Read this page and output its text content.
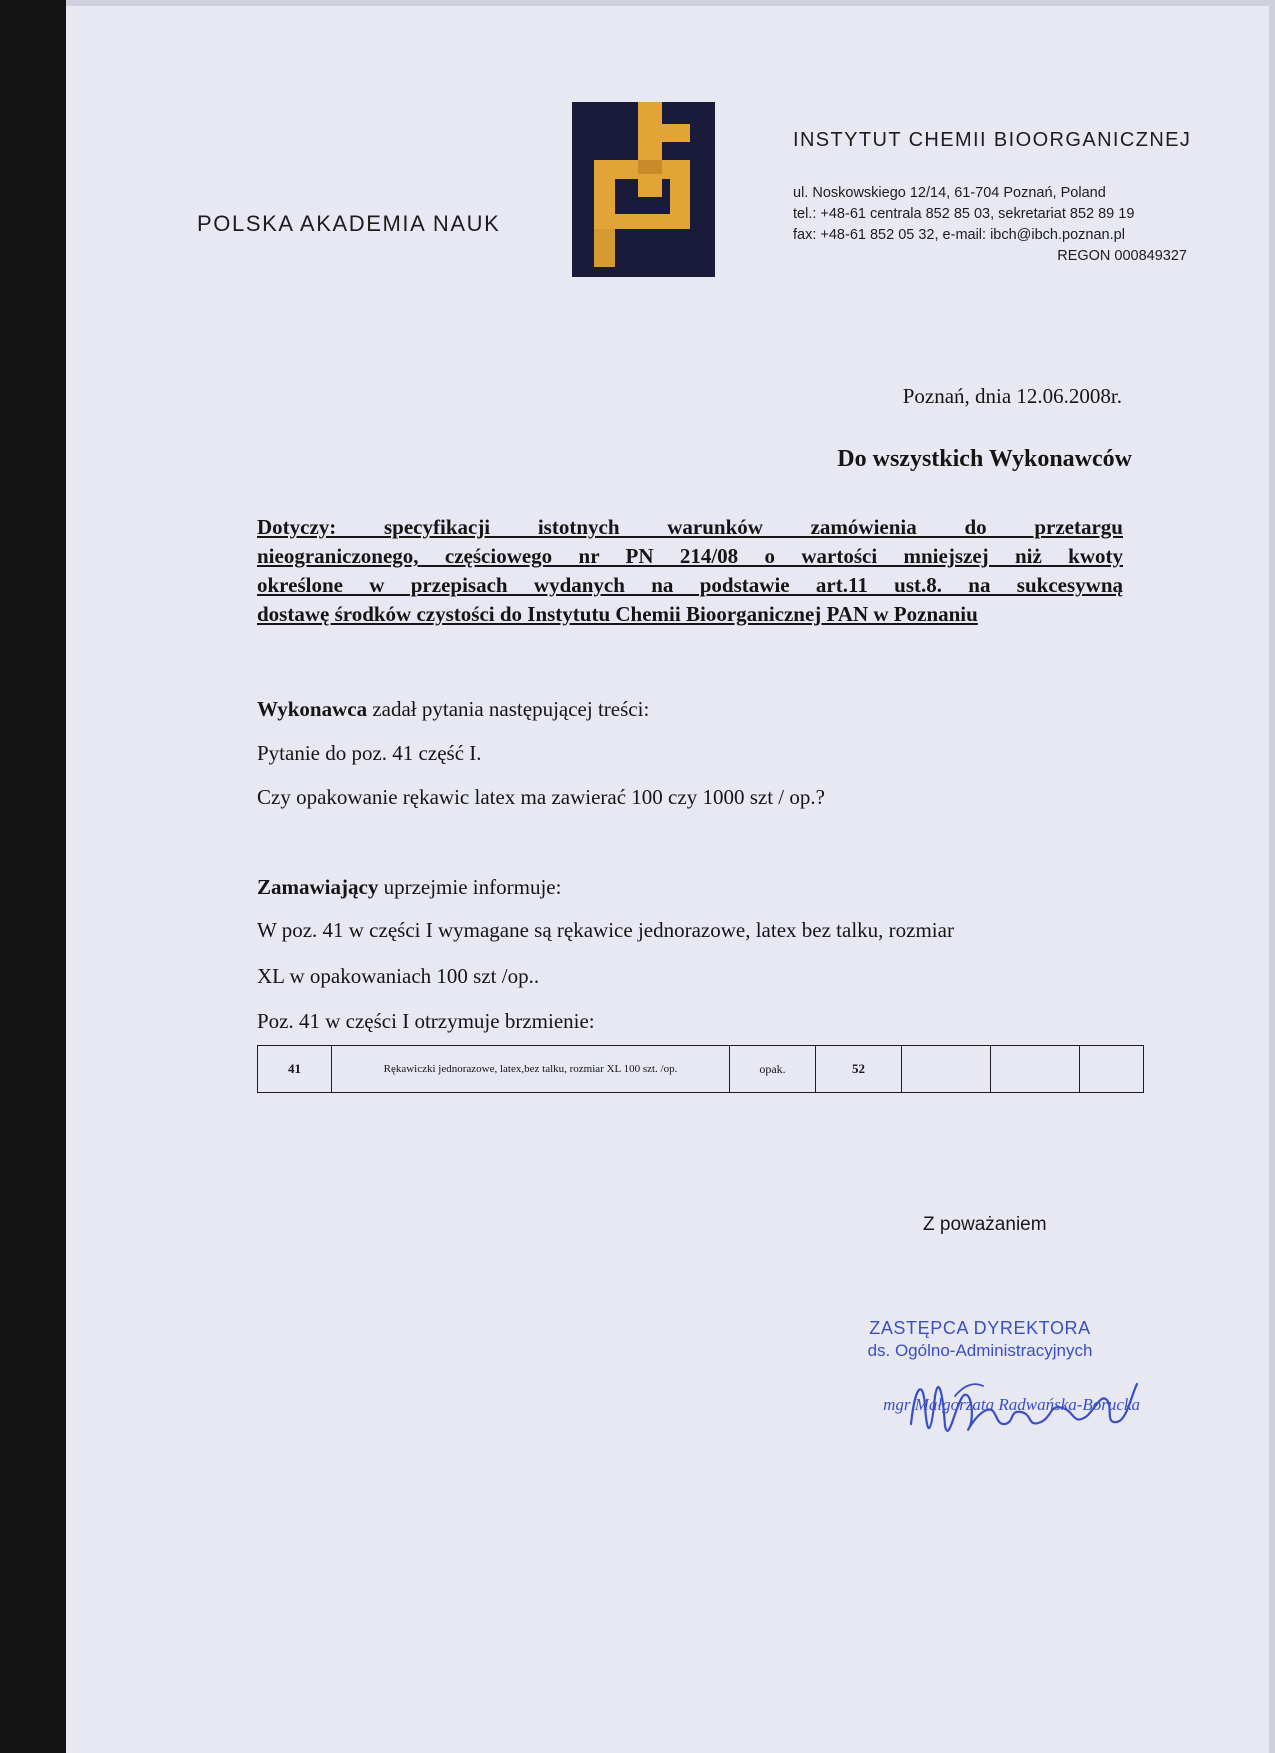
POLSKA AKADEMIA NAUK
INSTYTUT CHEMII BIOORGANICZNEJ
ul. Noskowskiego 12/14, 61-704 Poznań, Poland
tel.: +48-61 centrala 852 85 03, sekretariat 852 89 19
fax: +48-61 852 05 32, e-mail: ibch@ibch.poznan.pl
REGON 000849327
Poznań, dnia 12.06.2008r.
Do wszystkich Wykonawców
Dotyczy: specyfikacji istotnych warunków zamówienia do przetargu
nieograniczonego, częściowego nr PN 214/08 o wartości mniejszej niż kwoty
określone w przepisach wydanych na podstawie art.11 ust.8. na sukcesywną
dostawę środków czystości do Instytutu Chemii Bioorganicznej PAN w Poznaniu
Wykonawca zadał pytania następującej treści:
Pytanie do poz. 41 część I.
Czy opakowanie rękawic latex ma zawierać 100 czy 1000 szt / op.?
Zamawiający uprzejmie informuje:
W poz. 41 w części I wymagane są rękawice jednorazowe, latex bez talku, rozmiar
XL w opakowaniach 100 szt /op..
Poz. 41 w części I otrzymuje brzmienie:
41	Rękawiczki jednorazowe, latex,bez talku, rozmiar XL 100 szt. /op.	opak.	52			
Z poważaniem
ZASTĘPCA DYREKTORA
ds. Ogólno-Administracyjnych
mgr Małgorzata Radwańska-Borucka
